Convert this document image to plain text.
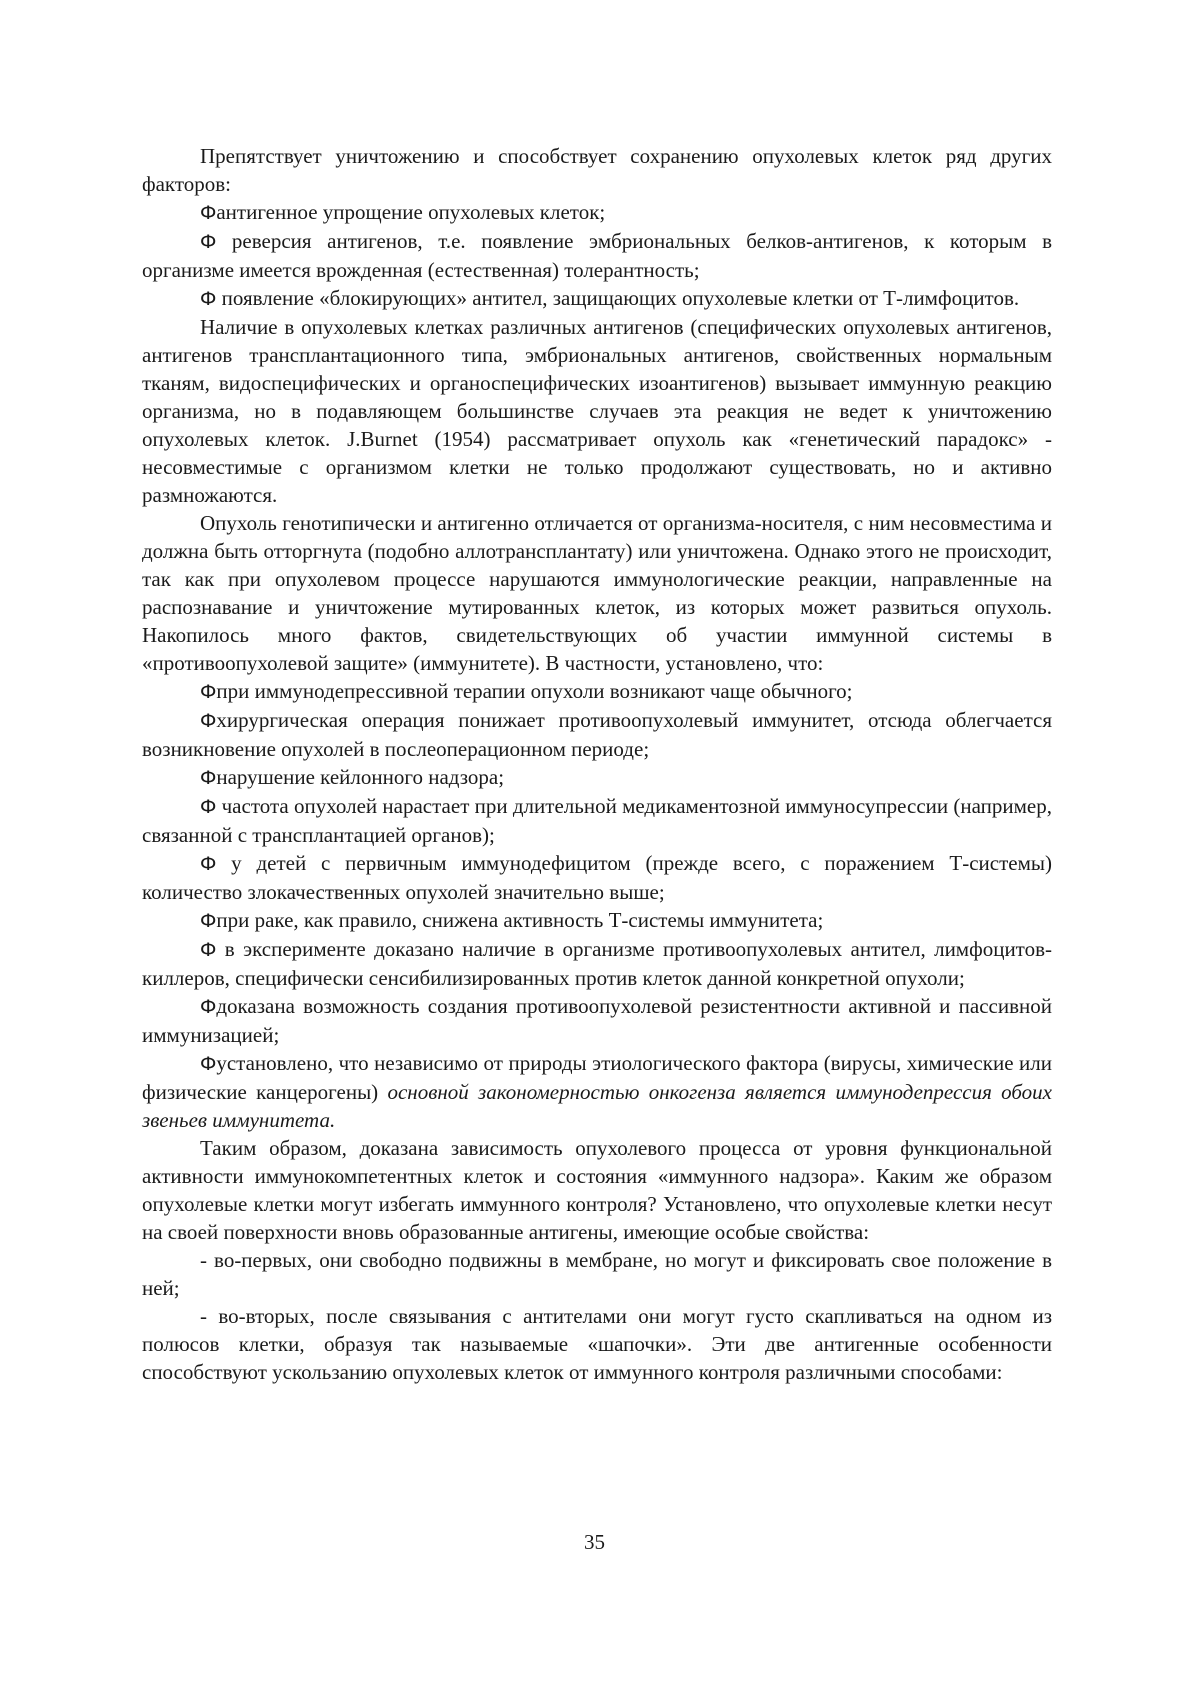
Препятствует уничтожению и способствует сохранению опухолевых клеток ряд других факторов:

Фантигенное упрощение опухолевых клеток;

Ф реверсия антигенов, т.е. появление эмбриональных белков-антигенов, к которым в организме имеется врожденная (естественная) толерантность;

Ф появление «блокирующих» антител, защищающих опухолевые клетки от Т-лимфоцитов.

Наличие в опухолевых клетках различных антигенов (специфических опухолевых антигенов, антигенов трансплантационного типа, эмбриональных антигенов, свойственных нормальным тканям, видоспецифических и органоспецифических изоантигенов) вызывает иммунную реакцию организма, но в подавляющем большинстве случаев эта реакция не ведет к уничтожению опухолевых клеток. J.Burnet (1954) рассматривает опухоль как «генетический парадокс» - несовместимые с организмом клетки не только продолжают существовать, но и активно размножаются.

Опухоль генотипически и антигенно отличается от организма-носителя, с ним несовместима и должна быть отторгнута (подобно аллотрансплантату) или уничтожена. Однако этого не происходит, так как при опухолевом процессе нарушаются иммунологические реакции, направленные на распознавание и уничтожение мутированных клеток, из которых может развиться опухоль. Накопилось много фактов, свидетельствующих об участии иммунной системы в «противоопухолевой защите» (иммунитете). В частности, установлено, что:

Фпри иммунодепрессивной терапии опухоли возникают чаще обычного;

Фхирургическая операция понижает противоопухолевый иммунитет, отсюда облегчается возникновение опухолей в послеоперационном периоде;

Фнарушение кейлонного надзора;

Ф частота опухолей нарастает при длительной медикаментозной иммуносупрессии (например, связанной с трансплантацией органов);

Ф у детей с первичным иммунодефицитом (прежде всего, с поражением Т-системы) количество злокачественных опухолей значительно выше;

Фпри раке, как правило, снижена активность Т-системы иммунитета;

Ф в эксперименте доказано наличие в организме противоопухолевых антител, лимфоцитов-киллеров, специфически сенсибилизированных против клеток данной конкретной опухоли;

Фдоказана возможность создания противоопухолевой резистентности активной и пассивной иммунизацией;

Фустановлено, что независимо от природы этиологического фактора (вирусы, химические или физические канцерогены) основной закономерностью онкогенза является иммунодепрессия обоих звеньев иммунитета.

Таким образом, доказана зависимость опухолевого процесса от уровня функциональной активности иммунокомпетентных клеток и состояния «иммунного надзора». Каким же образом опухолевые клетки могут избегать иммунного контроля? Установлено, что опухолевые клетки несут на своей поверхности вновь образованные антигены, имеющие особые свойства:

- во-первых, они свободно подвижны в мембране, но могут и фиксировать свое положение в ней;

- во-вторых, после связывания с антителами они могут густо скапливаться на одном из полюсов клетки, образуя так называемые «шапочки». Эти две антигенные особенности способствуют ускользанию опухолевых клеток от иммунного контроля различными способами:

35
